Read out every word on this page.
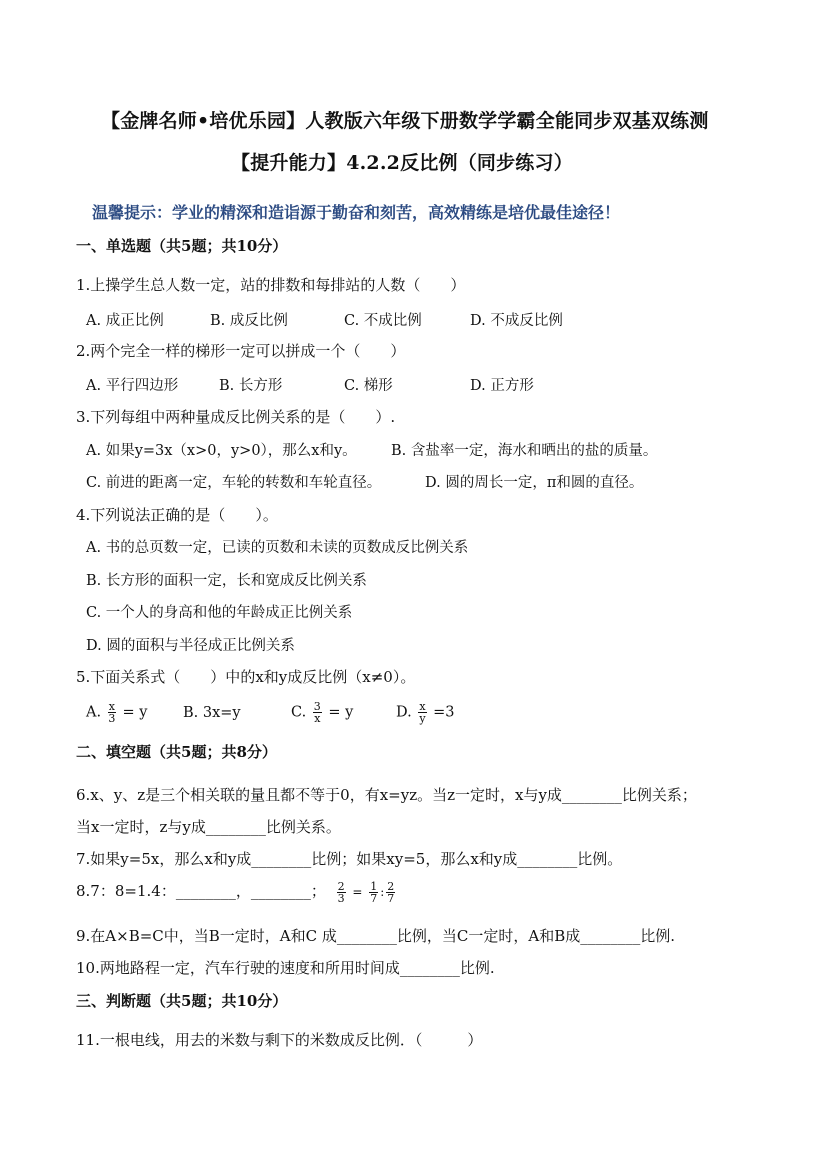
【金牌名师•培优乐园】人教版六年级下册数学学霸全能同步双基双练测
【提升能力】4.2.2反比例（同步练习）
温馨提示：学业的精深和造诣源于勤奋和刻苦，高效精练是培优最佳途径！
一、单选题（共5题；共10分）
1.上操学生总人数一定，站的排数和每排站的人数（　　）
A. 成正比例	B. 成反比例	C. 不成比例	D. 不成反比例
2.两个完全一样的梯形一定可以拼成一个（　　）
A. 平行四边形	B. 长方形	C. 梯形	D. 正方形
3.下列每组中两种量成反比例关系的是（　　）.
A. 如果y=3x（x>0，y>0），那么x和y。 B. 含盐率一定，海水和晒出的盐的质量。
C. 前进的距离一定，车轮的转数和车轮直径。	D. 圆的周长一定，π和圆的直径。
4.下列说法正确的是（　　）。
A. 书的总页数一定，已读的页数和未读的页数成反比例关系
B. 长方形的面积一定，长和宽成反比例关系
C. 一个人的身高和他的年龄成正比例关系
D. 圆的面积与半径成正比例关系
5.下面关系式（　　）中的x和y成反比例（x≠0）。
A. $\frac{x}{3} = y$ B. 3x=y	C. $\frac{3}{x} = y$	D. $\frac{x}{y} =3$
二、填空题（共5题；共8分）
6.x、y、z是三个相关联的量且都不等于0，有x=yz。当z一定时，x与y成________比例关系；
当x一定时，z与y成________比例关系。
7.如果y=5x，那么x和y成________比例；如果xy=5，那么x和y成________比例。
8.7：8=1.4：________，________； $\frac{2}{3} = \frac{1}{7}$ : $\frac{2}{7}$
9.在A×B=C中，当B一定时，A和C 成________比例，当C一定时，A和B成________比例.
10.两地路程一定，汽车行驶的速度和所用时间成________比例.
三、判断题（共5题；共10分）
11.一根电线，用去的米数与剩下的米数成反比例．（　　　）
